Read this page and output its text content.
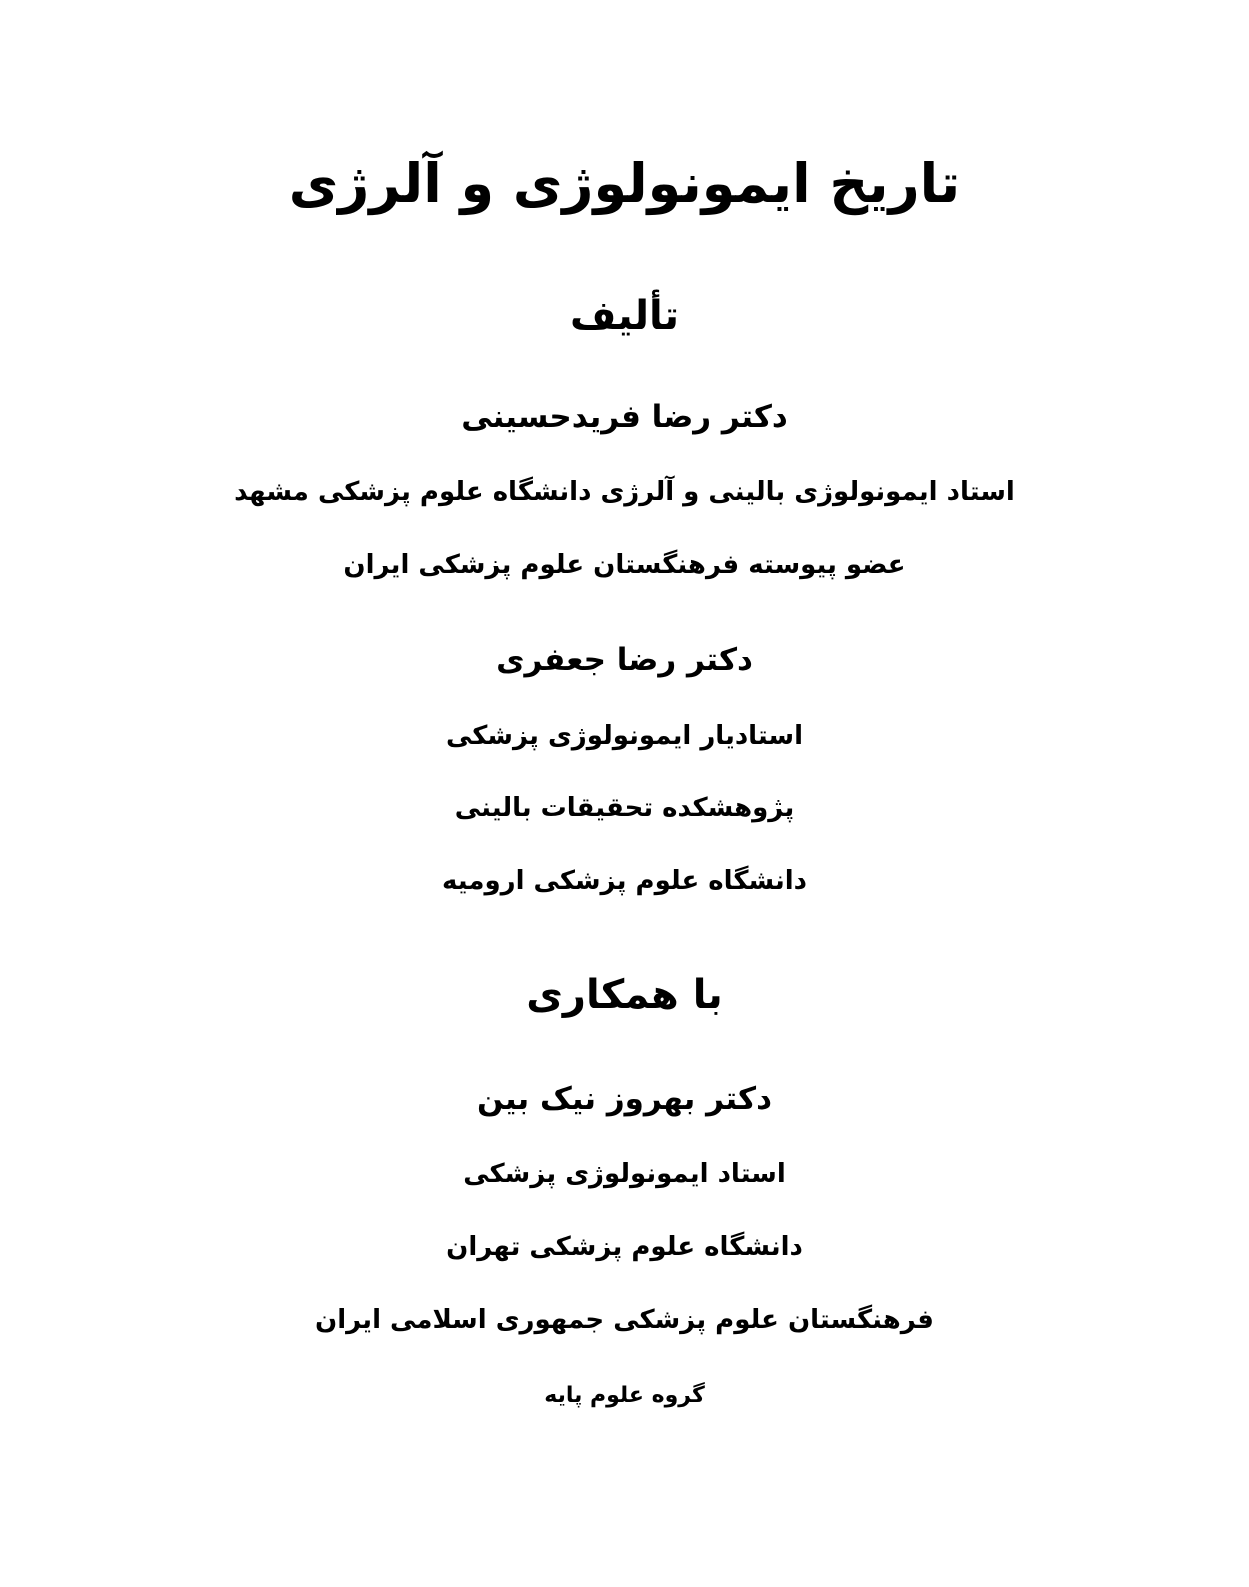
تاریخ ایمونولوژی و آلرژی
تألیف
دکتر رضا فریدحسینی
استاد ایمونولوژی بالینی و آلرژی دانشگاه علوم پزشکی مشهد
عضو پیوسته فرهنگستان علوم پزشکی ایران
دکتر رضا جعفری
استادیار ایمونولوژی پزشکی
پژوهشکده تحقیقات بالینی
دانشگاه علوم پزشکی ارومیه
با همکاری
دکتر بهروز نیک بین
استاد ایمونولوژی پزشکی
دانشگاه علوم پزشکی تهران
فرهنگستان علوم پزشکی جمهوری اسلامی ایران
گروه علوم پایه
